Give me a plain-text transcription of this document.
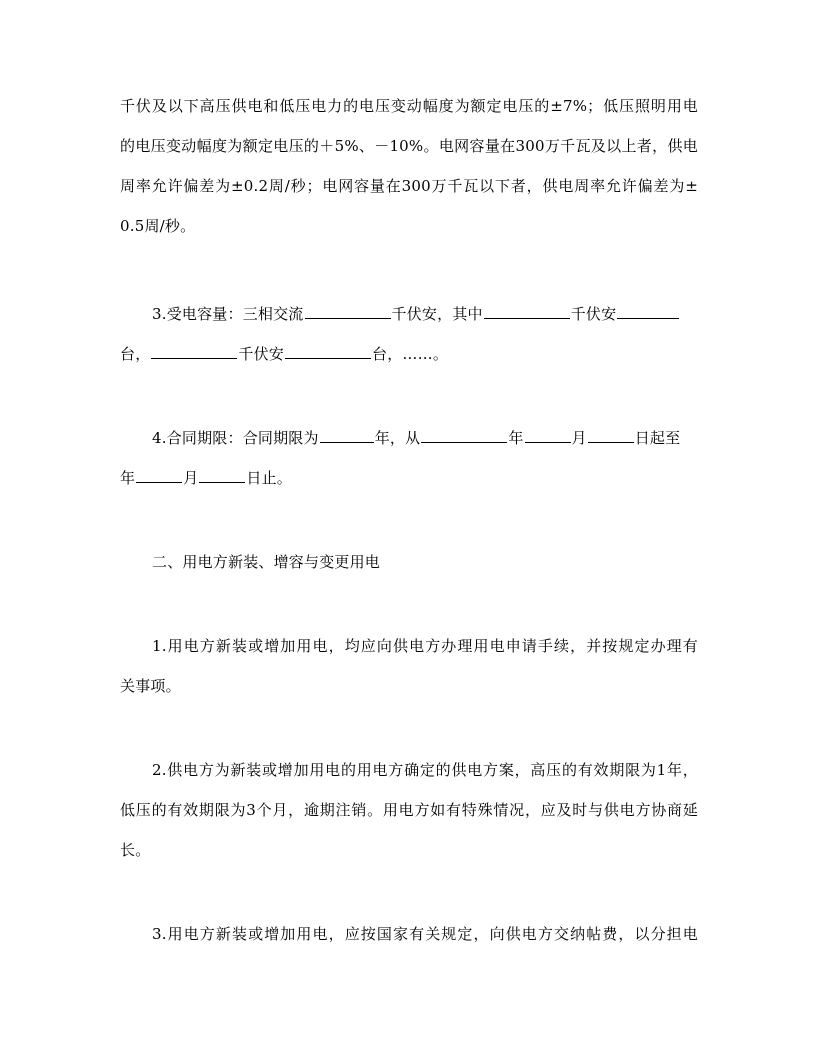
千伏及以下高压供电和低压电力的电压变动幅度为额定电压的±7%；低压照明用电
的电压变动幅度为额定电压的＋5%、－10%。电网容量在300万千瓦及以上者，供电
周率允许偏差为±0.2周/秒；电网容量在300万千瓦以下者，供电周率允许偏差为±
0.5周/秒。
3.受电容量：三相交流	千伏安，其中	千伏安
台，	千伏安	台，……。
4.合同期限：合同期限为	年，从	年	月	日起至
年	月	日止。
二、用电方新装、增容与变更用电
1.用电方新装或增加用电，均应向供电方办理用电申请手续，并按规定办理有
关事项。
2.供电方为新装或增加用电的用电方确定的供电方案，高压的有效期限为1年，
低压的有效期限为3个月，逾期注销。用电方如有特殊情况，应及时与供电方协商延
长。
3.用电方新装或增加用电，应按国家有关规定，向供电方交纳帖费，以分担电
